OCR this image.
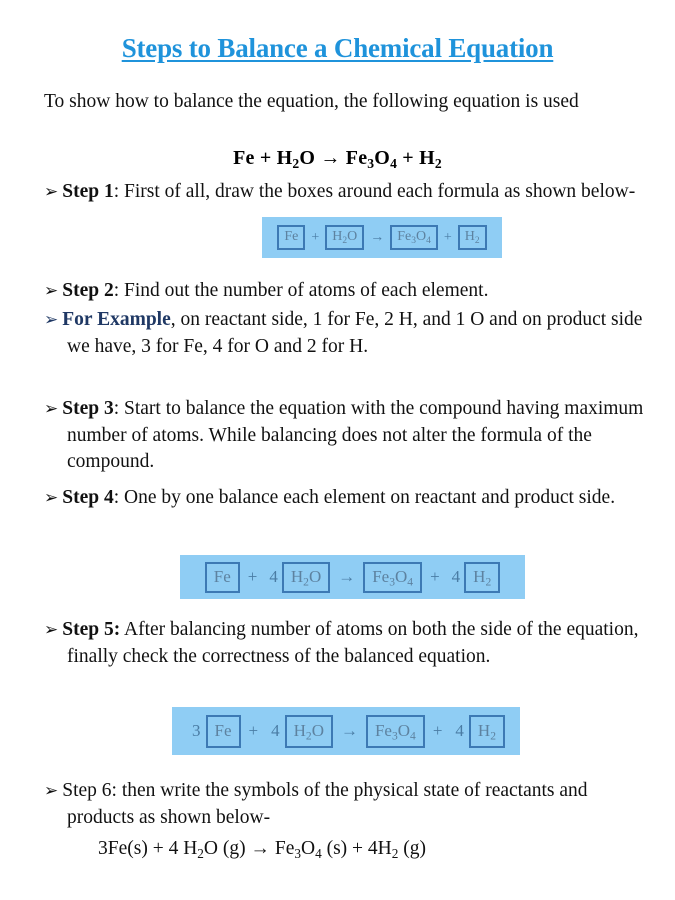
Steps to Balance a Chemical Equation
To show how to balance the equation, the following equation is used
$Fe + H_2O \to Fe_3O_4 + H_2$
➢ Step 1: First of all, draw the boxes around each formula as shown below-
$Fe + H_2O \to Fe_3O_4 + H_2$
➢ Step 2: Find out the number of atoms of each element.
➢ For Example, on reactant side, 1 for Fe, 2 H, and 1 O and on product side we have, 3 for Fe, 4 for O and 2 for H.
➢ Step 3: Start to balance the equation with the compound having maximum number of atoms. While balancing does not alter the formula of the compound.
➢ Step 4: One by one balance each element on reactant and product side.
Fe	+ 4 $H_2O$	→	$Fe_3O_4$	+ 4 $H_2$
➢ Step 5: After balancing number of atoms on both the side of the equation, finally check the correctness of the balanced equation.
3 Fe	+ 4 $H_2O$	→	$Fe_3O_4$	+ 4 $H_2$
➢ Step 6: then write the symbols of the physical state of reactants and products as shown below-
3Fe(s) + 4 $H_2O$ $(g) \to Fe_3O_4$ $(s) + 4H_2$ (g)
